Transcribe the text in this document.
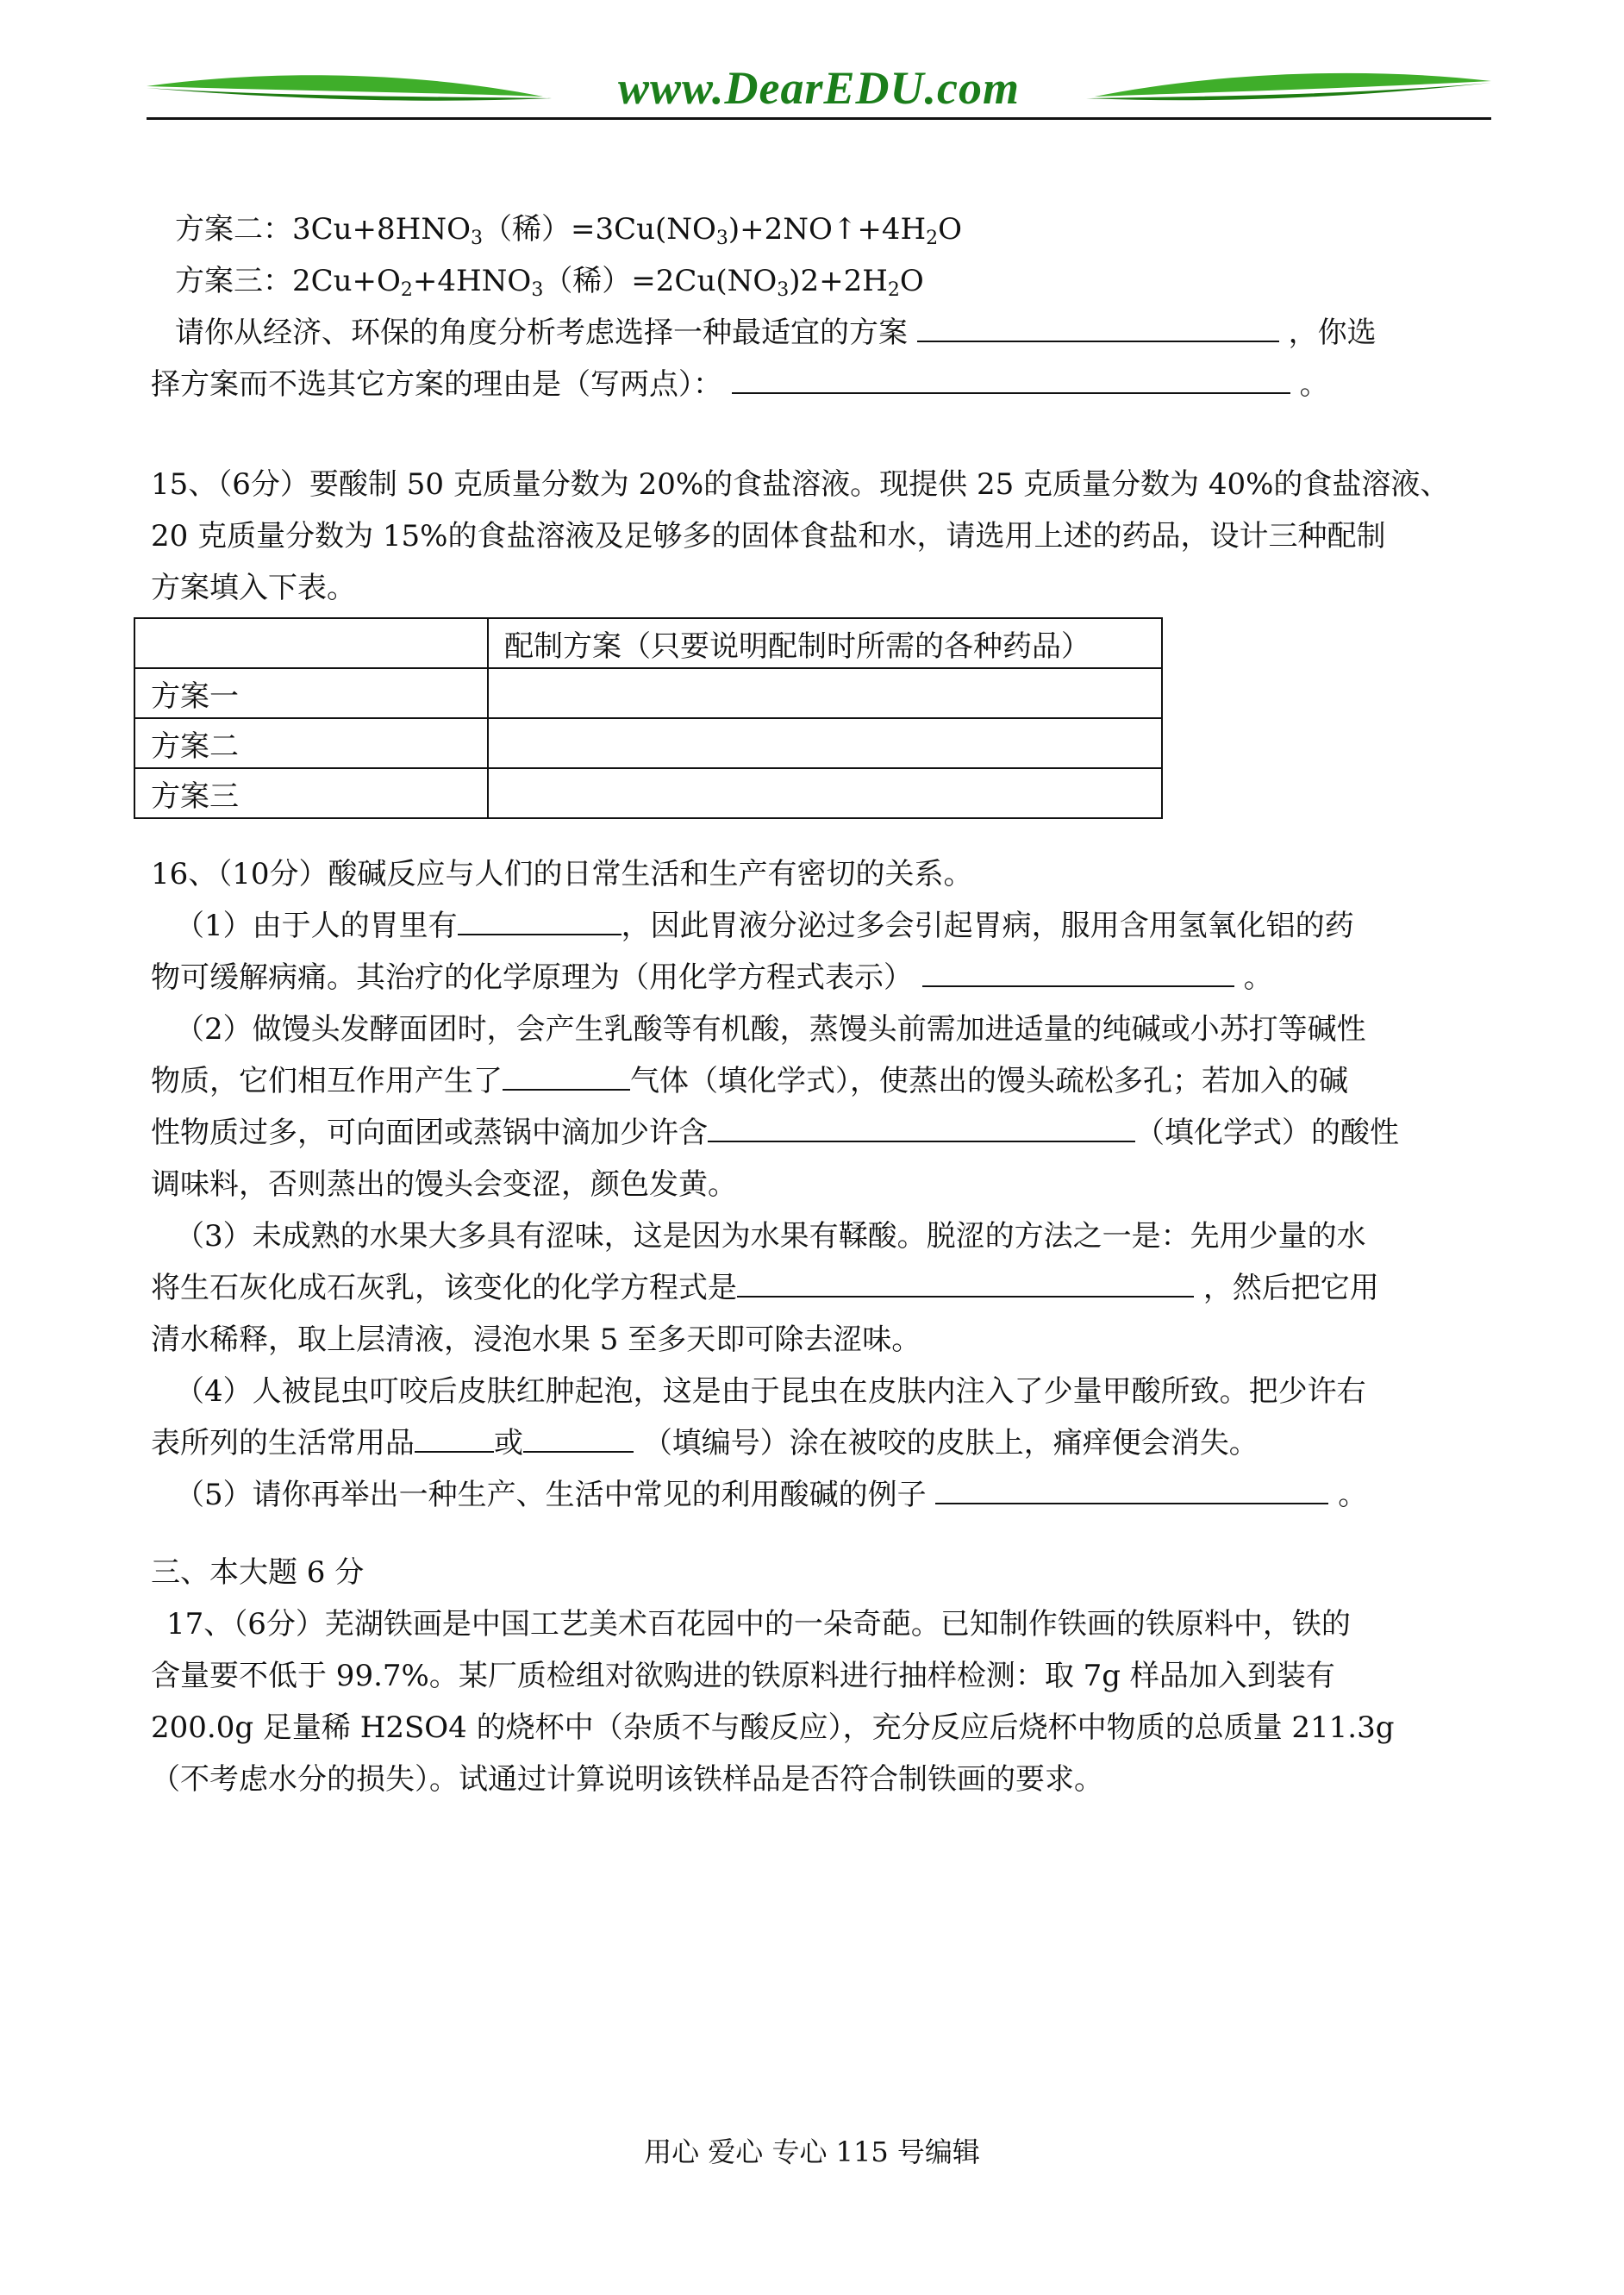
www.DearEDU.com
方案二：$3Cu+8HNO_3$（稀）$=3Cu(NO_3)+2NO↑+4H_2O$
方案三：$2Cu+O_2+4HNO_3$（稀）$=2Cu(NO_3)2+2H_2O$
请你从经济、环保的角度分析考虑选择一种最适宜的方案	，你选
择方案而不选其它方案的理由是（写两点）：	。
15、（6分）要酸制 50 克质量分数为 20%的食盐溶液。现提供 25 克质量分数为 40%的食盐溶液、
20 克质量分数为 15%的食盐溶液及足够多的固体食盐和水，请选用上述的药品，设计三种配制
方案填入下表。
	配制方案（只要说明配制时所需的各种药品）
方案一	
方案二	
方案三	
16、（10分）酸碱反应与人们的日常生活和生产有密切的关系。
（1）由于人的胃里有	，因此胃液分泌过多会引起胃病，服用含用氢氧化铝的药
物可缓解病痛。其治疗的化学原理为（用化学方程式表示）	。
（2）做馒头发酵面团时，会产生乳酸等有机酸，蒸馒头前需加进适量的纯碱或小苏打等碱性
物质，它们相互作用产生了	气体（填化学式），使蒸出的馒头疏松多孔；若加入的碱
性物质过多，可向面团或蒸锅中滴加少许含	（填化学式）的酸性
调味料，否则蒸出的馒头会变涩，颜色发黄。
（3）未成熟的水果大多具有涩味，这是因为水果有鞣酸。脱涩的方法之一是：先用少量的水
将生石灰化成石灰乳，该变化的化学方程式是	，然后把它用
清水稀释，取上层清液，浸泡水果 5 至多天即可除去涩味。
（4）人被昆虫叮咬后皮肤红肿起泡，这是由于昆虫在皮肤内注入了少量甲酸所致。把少许右
表所列的生活常用品	或	（填编号）涂在被咬的皮肤上，痛痒便会消失。
（5）请你再举出一种生产、生活中常见的利用酸碱的例子	。
三、本大题 6 分
17、（6分）芜湖铁画是中国工艺美术百花园中的一朵奇葩。已知制作铁画的铁原料中，铁的
含量要不低于 99.7%。某厂质检组对欲购进的铁原料进行抽样检测：取 7g 样品加入到装有
200.0g 足量稀 H2SO4 的烧杯中（杂质不与酸反应），充分反应后烧杯中物质的总质量 211.3g
（不考虑水分的损失）。试通过计算说明该铁样品是否符合制铁画的要求。
用心 爱心 专心 115 号编辑
